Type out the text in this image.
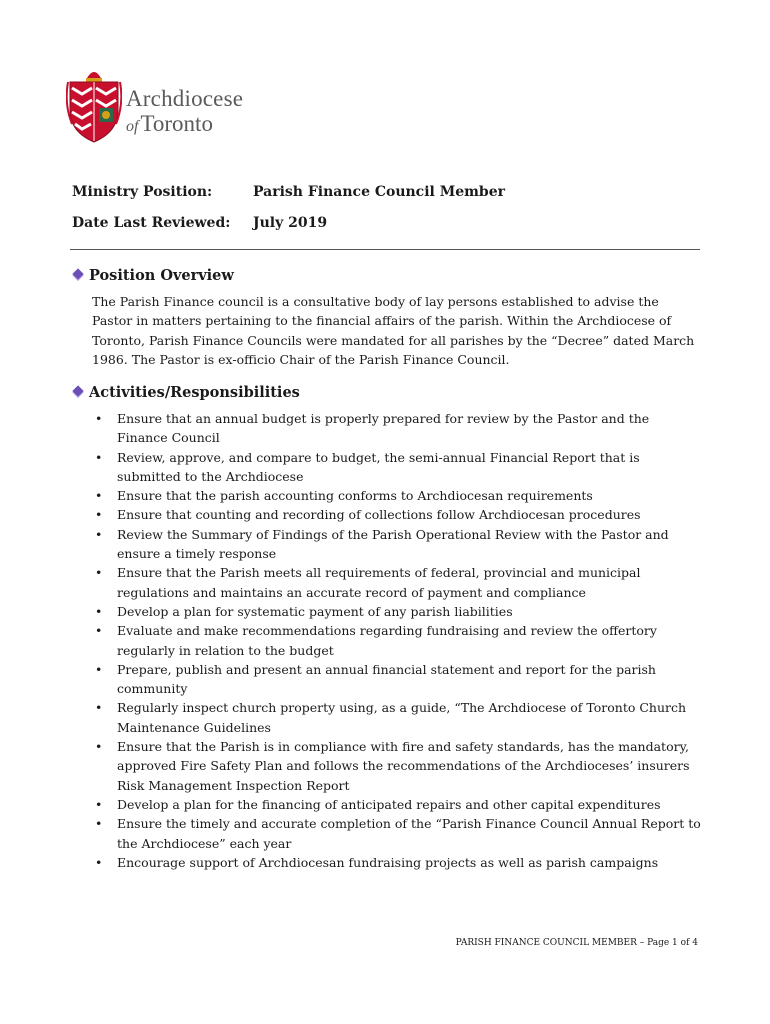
Archdiocese
ofToronto
Ministry Position:	Parish Finance Council Member
Date Last Reviewed: July 2019
Position Overview
The Parish Finance council is a consultative body of lay persons established to advise the Pastor in matters pertaining to the financial affairs of the parish. Within the Archdiocese of Toronto, Parish Finance Councils were mandated for all parishes by the “Decree” dated March 1986. The Pastor is ex-officio Chair of the Parish Finance Council.
Activities/Responsibilities
• Ensure that an annual budget is properly prepared for review by the Pastor and the Finance Council
• Review, approve, and compare to budget, the semi-annual Financial Report that is submitted to the Archdiocese
• Ensure that the parish accounting conforms to Archdiocesan requirements
• Ensure that counting and recording of collections follow Archdiocesan procedures
• Review the Summary of Findings of the Parish Operational Review with the Pastor and ensure a timely response
• Ensure that the Parish meets all requirements of federal, provincial and municipal regulations and maintains an accurate record of payment and compliance
• Develop a plan for systematic payment of any parish liabilities
• Evaluate and make recommendations regarding fundraising and review the offertory regularly in relation to the budget
• Prepare, publish and present an annual financial statement and report for the parish community
• Regularly inspect church property using, as a guide, “The Archdiocese of Toronto Church Maintenance Guidelines
• Ensure that the Parish is in compliance with fire and safety standards, has the mandatory, approved Fire Safety Plan and follows the recommendations of the Archdioceses’ insurers Risk Management Inspection Report
• Develop a plan for the financing of anticipated repairs and other capital expenditures
• Ensure the timely and accurate completion of the “Parish Finance Council Annual Report to the Archdiocese” each year
• Encourage support of Archdiocesan fundraising projects as well as parish campaigns
PARISH FINANCE COUNCIL MEMBER – Page 1 of 4
